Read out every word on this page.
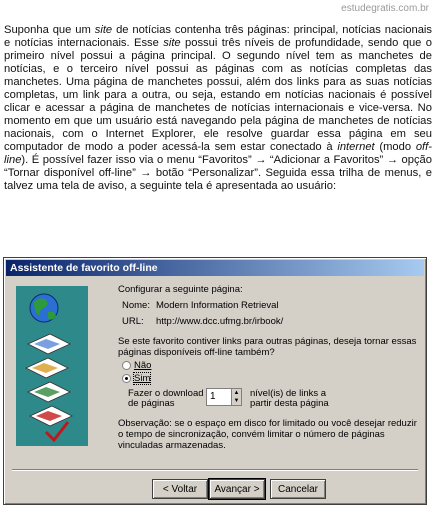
estudegratis.com.br
Suponha que um site de notícias contenha três páginas: principal, notícias nacionais e notícias internacionais. Esse site possui três níveis de profundidade, sendo que o primeiro nível possui a página principal. O segundo nível tem as manchetes de notícias, e o terceiro nível possui as páginas com as notícias completas das manchetes. Uma página de manchetes possui, além dos links para as suas notícias completas, um link para a outra, ou seja, estando em notícias nacionais é possível clicar e acessar a página de manchetes de notícias internacionais e vice-versa. No momento em que um usuário está navegando pela página de manchetes de notícias nacionais, com o Internet Explorer, ele resolve guardar essa página em seu computador de modo a poder acessá-la sem estar conectado à internet (modo off-line). É possível fazer isso via o menu “Favoritos” → “Adicionar a Favoritos” → opção “Tornar disponível off-line” → botão “Personalizar”. Seguida essa trilha de menus, e talvez uma tela de aviso, a seguinte tela é apresentada ao usuário:
Assistente de favorito off-line
Configurar a seguinte página:
Nome: Modern Information Retrieval
URL: http://www.dcc.ufmg.br/irbook/
Se este favorito contiver links para outras páginas, deseja tornar essas páginas disponíveis off-line também?
Não
Sim
Fazer o download
de páginas
1	▲
▼
nível(is) de links a
partir desta página
Observação: se o espaço em disco for limitado ou você desejar reduzir o tempo de sincronização, convém limitar o número de páginas vinculadas armazenadas.
< Voltar	Avançar >	Cancelar
